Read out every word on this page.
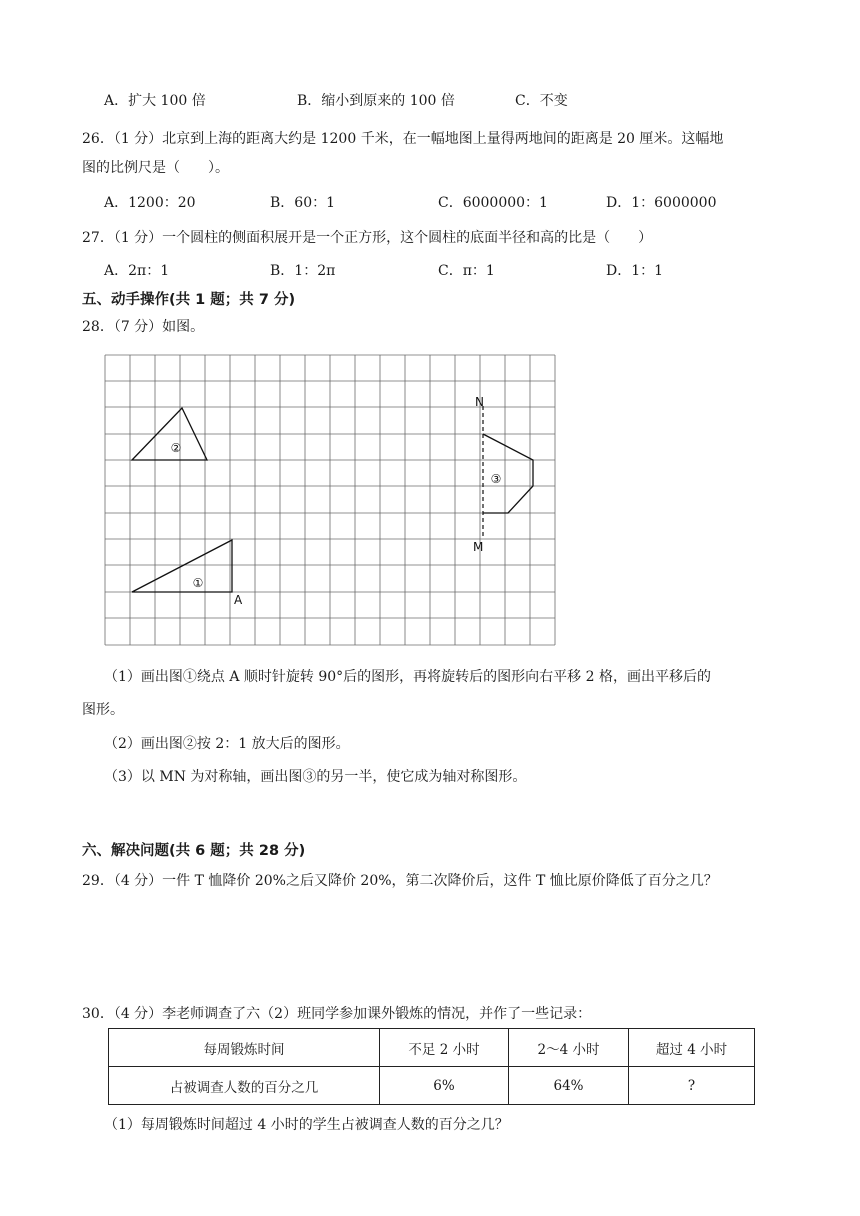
A．扩大 100 倍	B．缩小到原来的 100 倍	C．不变
26．（1 分）北京到上海的距离大约是 1200 千米，在一幅地图上量得两地间的距离是 20 厘米。这幅地
图的比例尺是（　　）。
A．1200：20	B．60：1	C．6000000：1	D．1：6000000
27．（1 分）一个圆柱的侧面积展开是一个正方形，这个圆柱的底面半径和高的比是（　　）
A．2π：1	B．1：2π	C．π：1	D．1：1
五、动手操作(共 1 题；共 7 分)
28．（7 分）如图。
②
①
A
N
M
③
（1）画出图①绕点 A 顺时针旋转 90°后的图形，再将旋转后的图形向右平移 2 格，画出平移后的
图形。
（2）画出图②按 2：1 放大后的图形。
（3）以 MN 为对称轴，画出图③的另一半，使它成为轴对称图形。
六、解决问题(共 6 题；共 28 分)
29．（4 分）一件 T 恤降价 20%之后又降价 20%，第二次降价后，这件 T 恤比原价降低了百分之几？
30．（4 分）李老师调查了六（2）班同学参加课外锻炼的情况，并作了一些记录：
每周锻炼时间	不足 2 小时	2～4 小时	超过 4 小时
占被调查人数的百分之几	6%	64%	?
（1）每周锻炼时间超过 4 小时的学生占被调查人数的百分之几？
